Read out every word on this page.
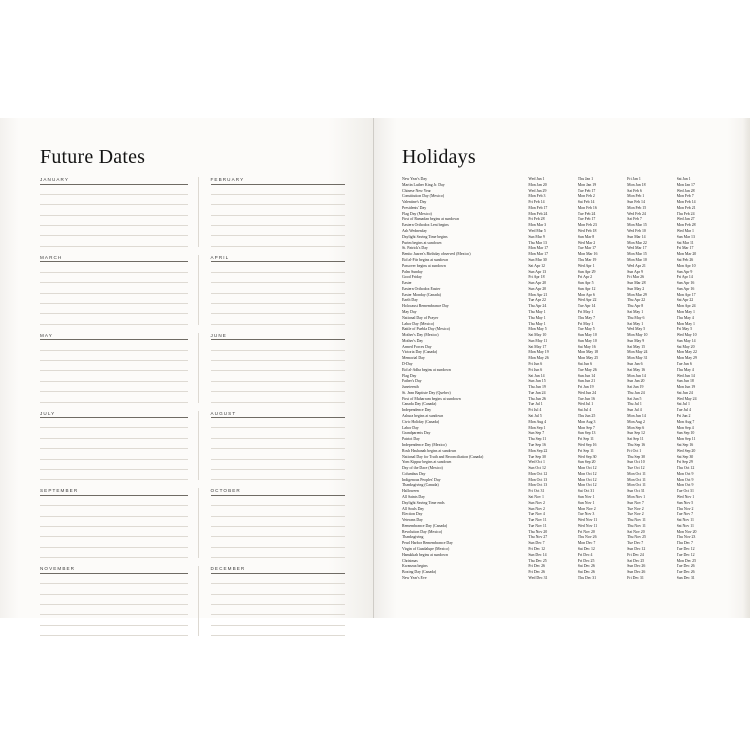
Future Dates
JANUARY	FEBRUARY
MARCH	APRIL
MAY	JUNE
JULY	AUGUST
SEPTEMBER	OCTOBER
NOVEMBER	DECEMBER
Holidays
New Year's Day	Wed Jan 1	Thu Jan 1	Fri Jan 1	Sat Jan 1
Martin Luther King Jr. Day	Mon Jan 20	Mon Jan 19	Mon Jan 18	Mon Jan 17
Chinese New Year	Wed Jan 29	Tue Feb 17	Sat Feb 6	Wed Jan 28
Constitution Day (Mexico)	Mon Feb 3	Mon Feb 2	Mon Feb 1	Mon Feb 7
Valentine's Day	Fri Feb 14	Sat Feb 14	Sun Feb 14	Mon Feb 14
Presidents' Day	Mon Feb 17	Mon Feb 16	Mon Feb 15	Mon Feb 21
Flag Day (Mexico)	Mon Feb 24	Tue Feb 24	Wed Feb 24	Thu Feb 24
First of Ramadan begins at sundown	Fri Feb 28	Tue Feb 17	Sat Feb 7	Wed Jan 27
Eastern Orthodox Lent begins	Mon Mar 3	Mon Feb 23	Mon Mar 15	Mon Feb 28
Ash Wednesday	Wed Mar 5	Wed Feb 18	Wed Feb 10	Wed Mar 1
Daylight Saving Time begins	Sun Mar 9	Sun Mar 8	Sun Mar 14	Sun Mar 13
Purim begins at sundown	Thu Mar 13	Wed Mar 2	Mon Mar 22	Sat Mar 11
St. Patrick's Day	Mon Mar 17	Tue Mar 17	Wed Mar 17	Fri Mar 17
Benito Juarez's Birthday observed (Mexico)	Mon Mar 17	Mon Mar 16	Mon Mar 15	Mon Mar 20
Eid al-Fitr begins at sundown	Sun Mar 30	Thu Mar 19	Mon Mar 10	Sat Feb 26
Passover begins at sundown	Sat Apr 12	Wed Apr 1	Wed Apr 21	Mon Apr 10
Palm Sunday	Sun Apr 13	Sun Apr 29	Sun Apr 9	Sun Apr 9
Good Friday	Fri Apr 18	Fri Apr 2	Fri Mar 26	Fri Apr 14
Easter	Sun Apr 20	Sun Apr 5	Sun Mar 28	Sun Apr 16
Eastern Orthodox Easter	Sun Apr 20	Sun Apr 12	Sun May 2	Sun Apr 16
Easter Monday (Canada)	Mon Apr 21	Mon Apr 6	Mon Mar 29	Mon Apr 17
Earth Day	Tue Apr 22	Wed Apr 22	Thu Apr 22	Sat Apr 22
Holocaust Remembrance Day	Thu Apr 24	Tue Apr 14	Thu Apr 8	Mon Apr 24
May Day	Thu May 1	Fri May 1	Sat May 1	Mon May 1
National Day of Prayer	Thu May 1	Thu May 7	Thu May 6	Thu May 4
Labor Day (Mexico)	Thu May 1	Fri May 1	Sat May 1	Mon May 1
Battle of Puebla Day (Mexico)	Mon May 5	Tue May 5	Wed May 5	Fri May 5
Mother's Day (Mexico)	Sat May 10	Sun May 10	Mon May 10	Wed May 10
Mother's Day	Sun May 11	Sun May 10	Sun May 9	Sun May 14
Armed Forces Day	Sat May 17	Sat May 16	Sat May 15	Sat May 20
Victoria Day (Canada)	Mon May 19	Mon May 18	Mon May 24	Mon May 22
Memorial Day	Mon May 26	Mon May 25	Mon May 31	Mon May 29
D-Day	Fri Jun 6	Sat Jun 6	Sun Jun 6	Tue Jun 6
Eid al-Adha begins at sundown	Fri Jun 6	Tue May 26	Sat May 16	Thu May 4
Flag Day	Sat Jun 14	Sun Jun 14	Mon Jun 14	Wed Jun 14
Father's Day	Sun Jun 15	Sun Jun 21	Sun Jun 20	Sun Jun 18
Juneteenth	Thu Jun 19	Fri Jun 19	Sat Jun 19	Mon Jun 19
St. Jean Baptiste Day (Quebec)	Tue Jun 24	Wed Jun 24	Thu Jun 24	Sat Jun 24
First of Muharram begins at sundown	Thu Jun 26	Tue Jun 16	Sat Jun 5	Wed May 24
Canada Day (Canada)	Tue Jul 1	Wed Jul 1	Thu Jul 1	Sat Jul 1
Independence Day	Fri Jul 4	Sat Jul 4	Sun Jul 4	Tue Jul 4
Ashura begins at sundown	Sat Jul 5	Thu Jun 25	Mon Jun 14	Fri Jun 2
Civic Holiday (Canada)	Mon Aug 4	Mon Aug 3	Mon Aug 2	Mon Aug 7
Labor Day	Mon Sep 1	Mon Sep 7	Mon Sep 6	Mon Sep 4
Grandparents Day	Sun Sep 7	Sun Sep 13	Sun Sep 12	Sun Sep 10
Patriot Day	Thu Sep 11	Fri Sep 11	Sat Sep 11	Mon Sep 11
Independence Day (Mexico)	Tue Sep 16	Wed Sep 16	Thu Sep 16	Sat Sep 16
Rosh Hashanah begins at sundown	Mon Sep 22	Fri Sep 11	Fri Oct 1	Wed Sep 20
National Day for Truth and Reconciliation (Canada)	Tue Sep 30	Wed Sep 30	Thu Sep 30	Sat Sep 30
Yom Kippur begins at sundown	Wed Oct 1	Sun Sep 20	Sun Oct 10	Fri Sep 29
Day of the Dace (Mexico)	Sun Oct 12	Mon Oct 12	Tue Oct 12	Thu Oct 12
Columbus Day	Mon Oct 12	Mon Oct 12	Mon Oct 11	Mon Oct 9
Indigenous Peoples' Day	Mon Oct 13	Mon Oct 12	Mon Oct 11	Mon Oct 9
Thanksgiving (Canada)	Mon Oct 13	Mon Oct 12	Mon Oct 11	Mon Oct 9
Halloween	Fri Oct 31	Sat Oct 31	Sun Oct 31	Tue Oct 31
All Saints Day	Sat Nov 1	Sun Nov 1	Mon Nov 1	Wed Nov 1
Daylight Saving Time ends	Sun Nov 2	Sun Nov 1	Sun Nov 7	Sun Nov 5
All Souls Day	Sun Nov 2	Mon Nov 2	Tue Nov 2	Thu Nov 2
Election Day	Tue Nov 4	Tue Nov 3	Tue Nov 2	Tue Nov 7
Veterans Day	Tue Nov 11	Wed Nov 11	Thu Nov 11	Sat Nov 11
Remembrance Day (Canada)	Tue Nov 11	Wed Nov 11	Thu Nov 11	Sat Nov 11
Revolution Day (Mexico)	Thu Nov 20	Fri Nov 20	Sat Nov 20	Mon Nov 20
Thanksgiving	Thu Nov 27	Thu Nov 26	Thu Nov 25	Thu Nov 23
Pearl Harbor Remembrance Day	Sun Dec 7	Mon Dec 7	Tue Dec 7	Thu Dec 7
Virgin of Guadalupe (Mexico)	Fri Dec 12	Sat Dec 12	Sun Dec 12	Tue Dec 12
Hanukkah begins at sundown	Sun Dec 14	Fri Dec 4	Fri Dec 24	Tue Dec 12
Christmas	Thu Dec 25	Fri Dec 25	Sat Dec 25	Mon Dec 25
Kwanzaa begins	Fri Dec 26	Sat Dec 26	Sun Dec 26	Tue Dec 26
Boxing Day (Canada)	Fri Dec 26	Sat Dec 26	Sun Dec 26	Tue Dec 26
New Year's Eve	Wed Dec 31	Thu Dec 31	Fri Dec 31	Sun Dec 31
